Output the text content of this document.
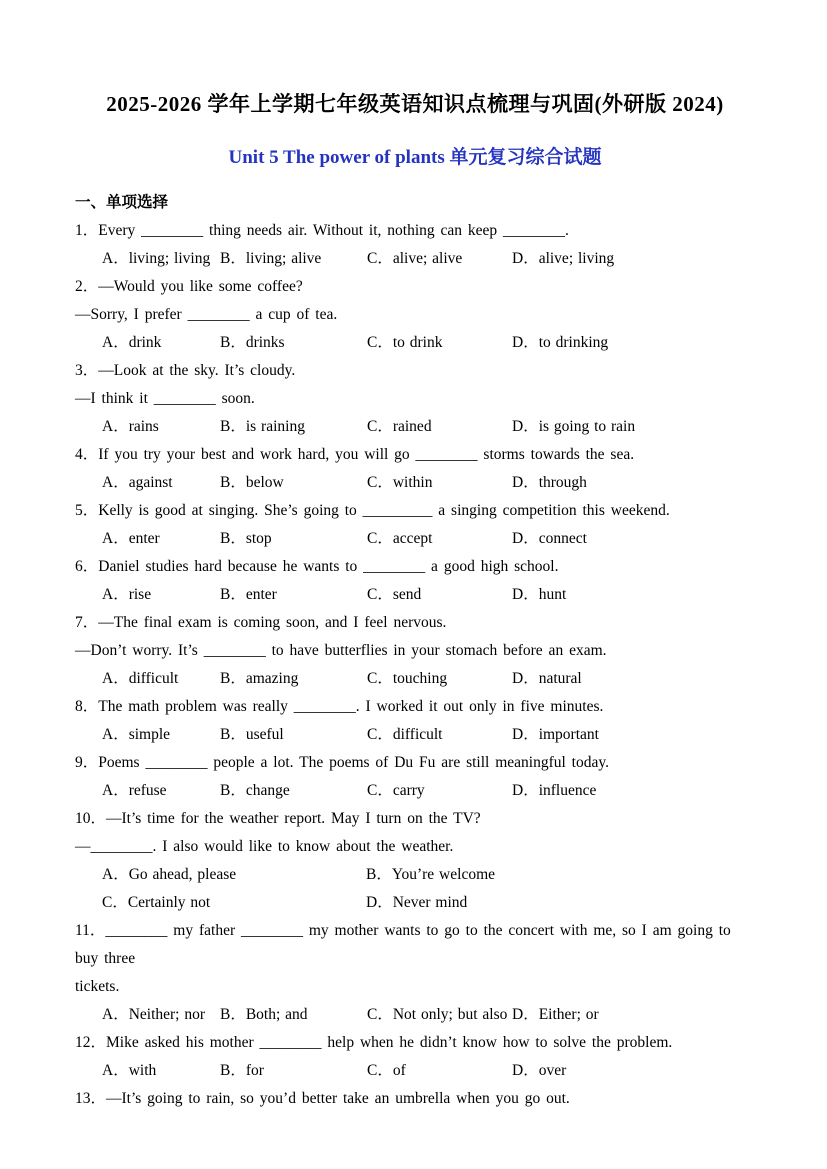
2025-2026 学年上学期七年级英语知识点梳理与巩固(外研版 2024)
Unit 5 The power of plants 单元复习综合试题
一、单项选择
1．Every ________ thing needs air. Without it, nothing can keep ________.
A．living; living B．living; alive	C．alive; alive	D．alive; living
2．—Would you like some coffee?
—Sorry, I prefer ________ a cup of tea.
A．drink	B．drinks	C．to drink	D．to drinking
3．—Look at the sky. It’s cloudy.
—I think it ________ soon.
A．rains	B．is raining	C．rained	D．is going to rain
4．If you try your best and work hard, you will go ________ storms towards the sea.
A．against	B．below	C．within	D．through
5．Kelly is good at singing. She’s going to _________ a singing competition this weekend.
A．enter	B．stop	C．accept	D．connect
6．Daniel studies hard because he wants to ________ a good high school.
A．rise	B．enter	C．send	D．hunt
7．—The final exam is coming soon, and I feel nervous.
—Don’t worry. It’s ________ to have butterflies in your stomach before an exam.
A．difficult	B．amazing	C．touching	D．natural
8．The math problem was really ________. I worked it out only in five minutes.
A．simple	B．useful	C．difficult	D．important
9．Poems ________ people a lot. The poems of Du Fu are still meaningful today.
A．refuse	B．change	C．carry	D．influence
10．—It’s time for the weather report. May I turn on the TV?
—________. I also would like to know about the weather.
A．Go ahead, please	B．You’re welcome
C．Certainly not	D．Never mind
11．________ my father ________ my mother wants to go to the concert with me, so I am going to buy three
tickets.
A．Neither; nor B．Both; and	C．Not only; but also D．Either; or
12．Mike asked his mother ________ help when he didn’t know how to solve the problem.
A．with	B．for	C．of	D．over
13．—It’s going to rain, so you’d better take an umbrella when you go out.
